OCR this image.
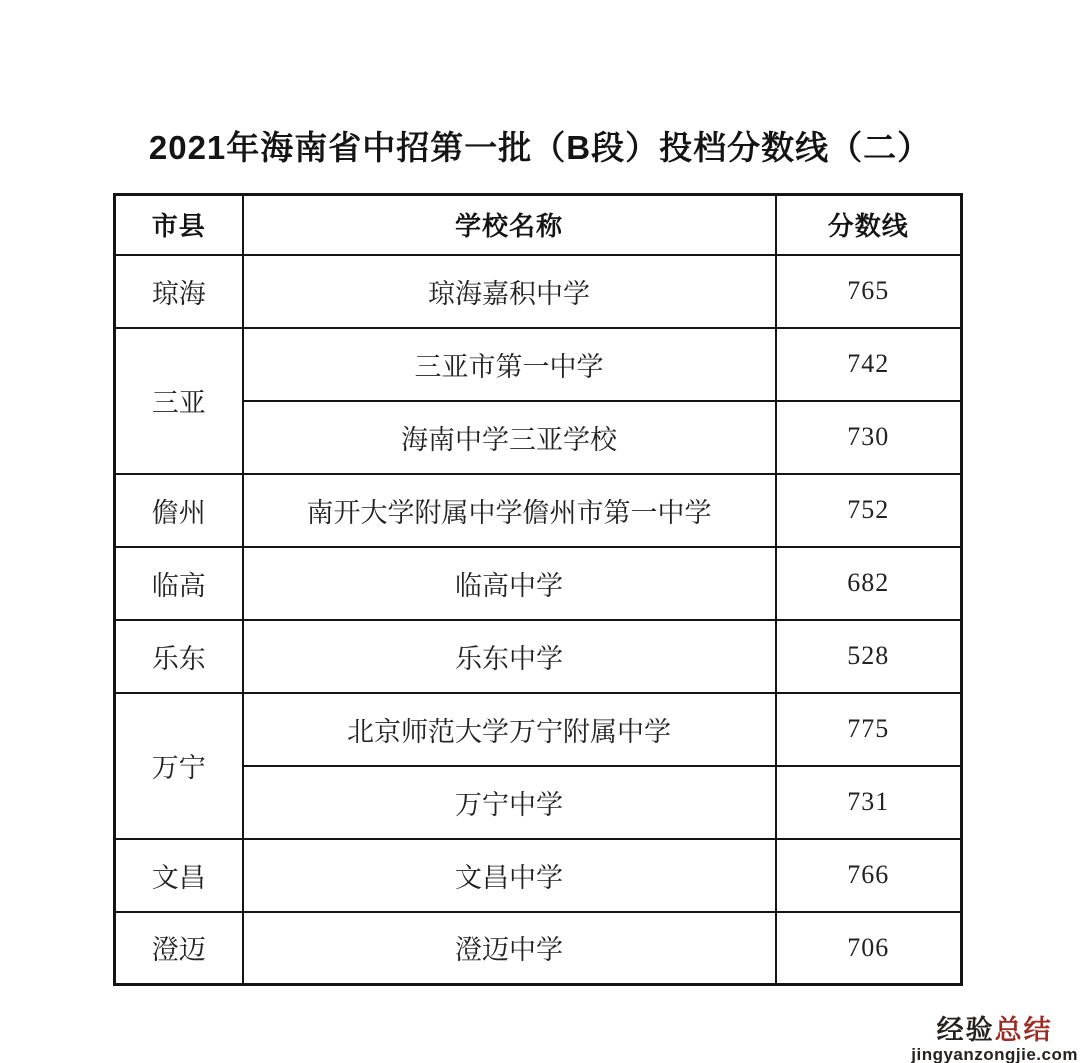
2021年海南省中招第一批（B段）投档分数线（二）
市县	学校名称	分数线
琼海	琼海嘉积中学	765
三亚	三亚市第一中学	742
	海南中学三亚学校	730
儋州	南开大学附属中学儋州市第一中学	752
临高	临高中学	682
乐东	乐东中学	528
万宁	北京师范大学万宁附属中学	775
	万宁中学	731
文昌	文昌中学	766
澄迈	澄迈中学	706
经验总结
jingyanzongjie.com
